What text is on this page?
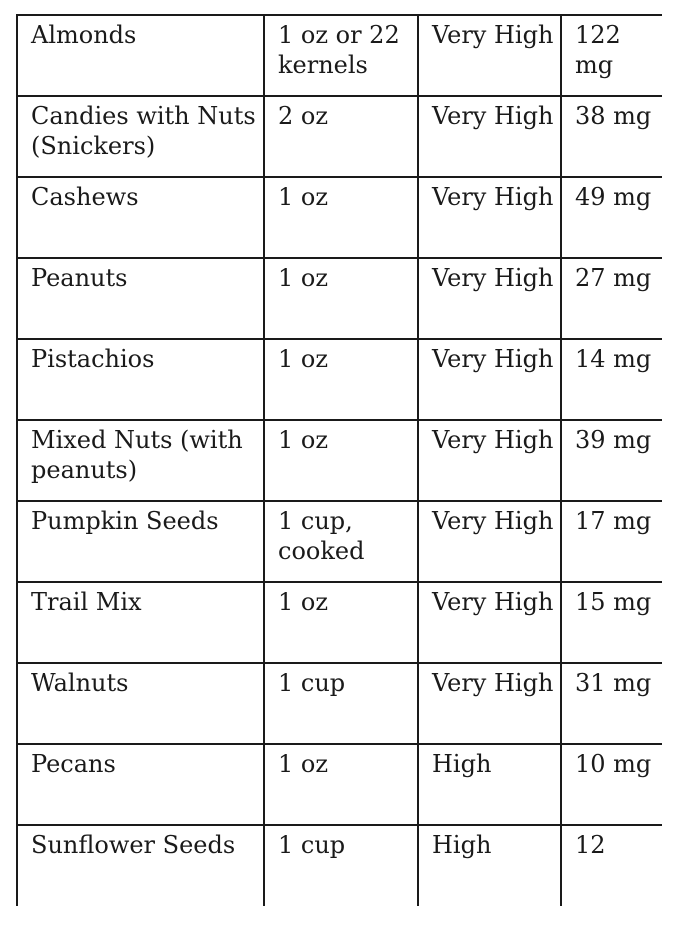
Almonds	1 oz or 22 kernels	Very High	122 mg
Candies with Nuts (Snickers)	2 oz	Very High	38 mg
Cashews	1 oz	Very High	49 mg
Peanuts	1 oz	Very High	27 mg
Pistachios	1 oz	Very High	14 mg
Mixed Nuts (with peanuts)	1 oz	Very High	39 mg
Pumpkin Seeds	1 cup, cooked	Very High	17 mg
Trail Mix	1 oz	Very High	15 mg
Walnuts	1 cup	Very High	31 mg
Pecans	1 oz	High	10 mg
Sunflower Seeds	1 cup	High	12
